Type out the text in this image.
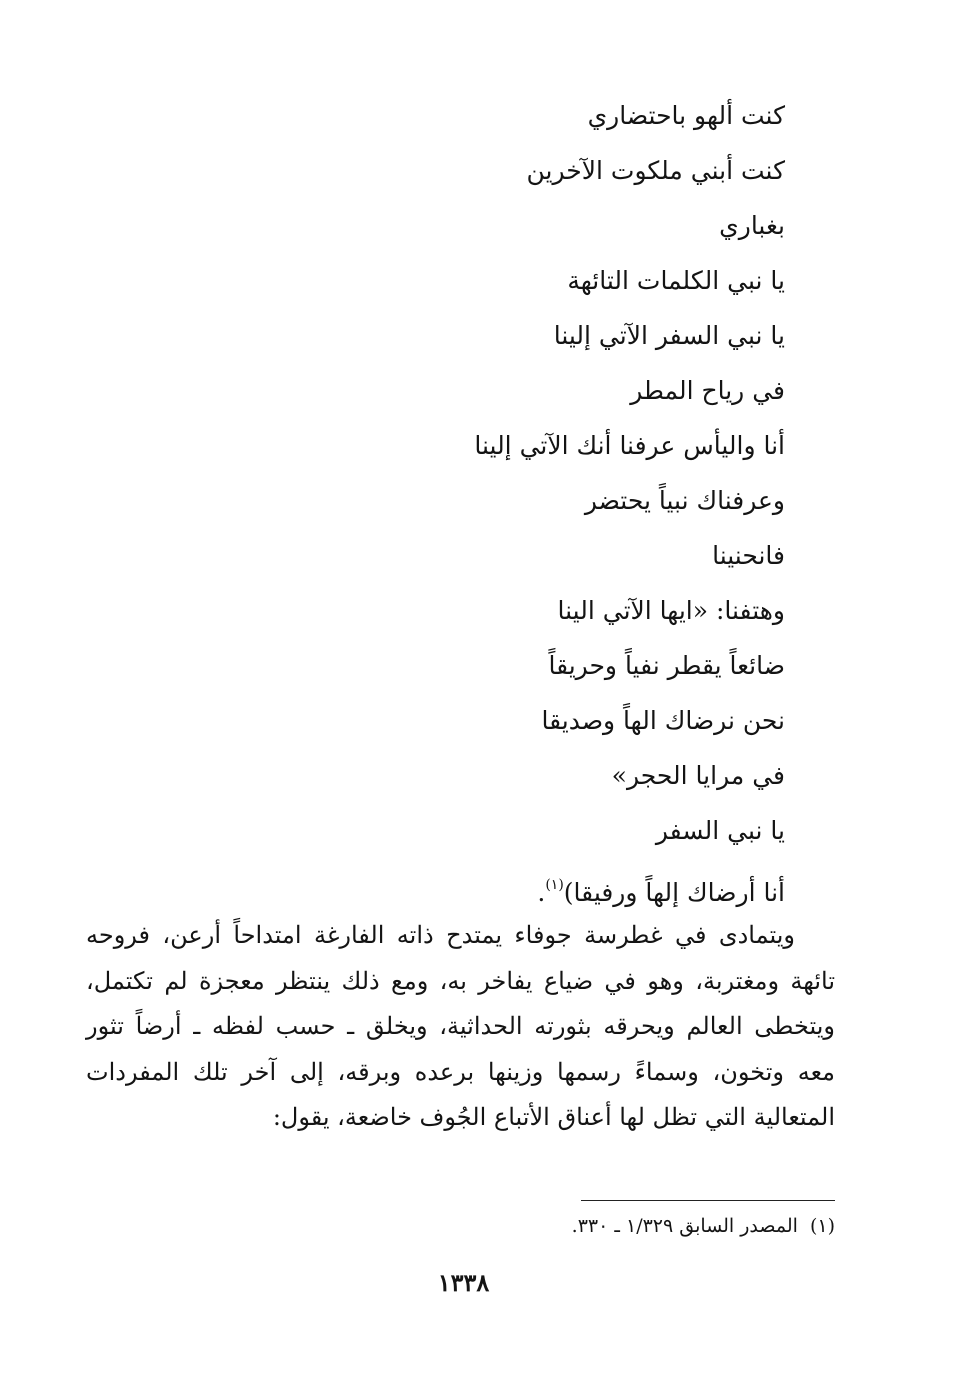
كنت ألهو باحتضاري
كنت أبني ملكوت الآخرين
بغباري
يا نبي الكلمات التائهة
يا نبي السفر الآتي إلينا
في رياح المطر
أنا واليأس عرفنا أنك الآتي إلينا
وعرفناك نبياً يحتضر
فانحنينا
وهتفنا: «ايها الآتي الينا
ضائعاً يقطر نفياً وحريقاً
نحن نرضاك الهاً وصديقا
في مرايا الحجر»
يا نبي السفر
أنا أرضاك إلهاً ورفيقا)$^{(١)}$.

ويتمادى في غطرسة جوفاء يمتدح ذاته الفارغة امتداحاً أرعن، فروحه تائهة ومغتربة، وهو في ضياع يفاخر به، ومع ذلك ينتظر معجزة لم تكتمل، ويتخطى العالم ويحرقه بثورته الحداثية، ويخلق ـ حسب لفظه ـ أرضاً تثور معه وتخون، وسماءً رسمها وزينها برعده وبرقه، إلى آخر تلك المفردات المتعالية التي تظل لها أعناق الأتباع الجُوف خاضعة، يقول:

(١)المصدر السابق ١/٣٢٩ ـ ٣٣٠.
١٣٣٨
